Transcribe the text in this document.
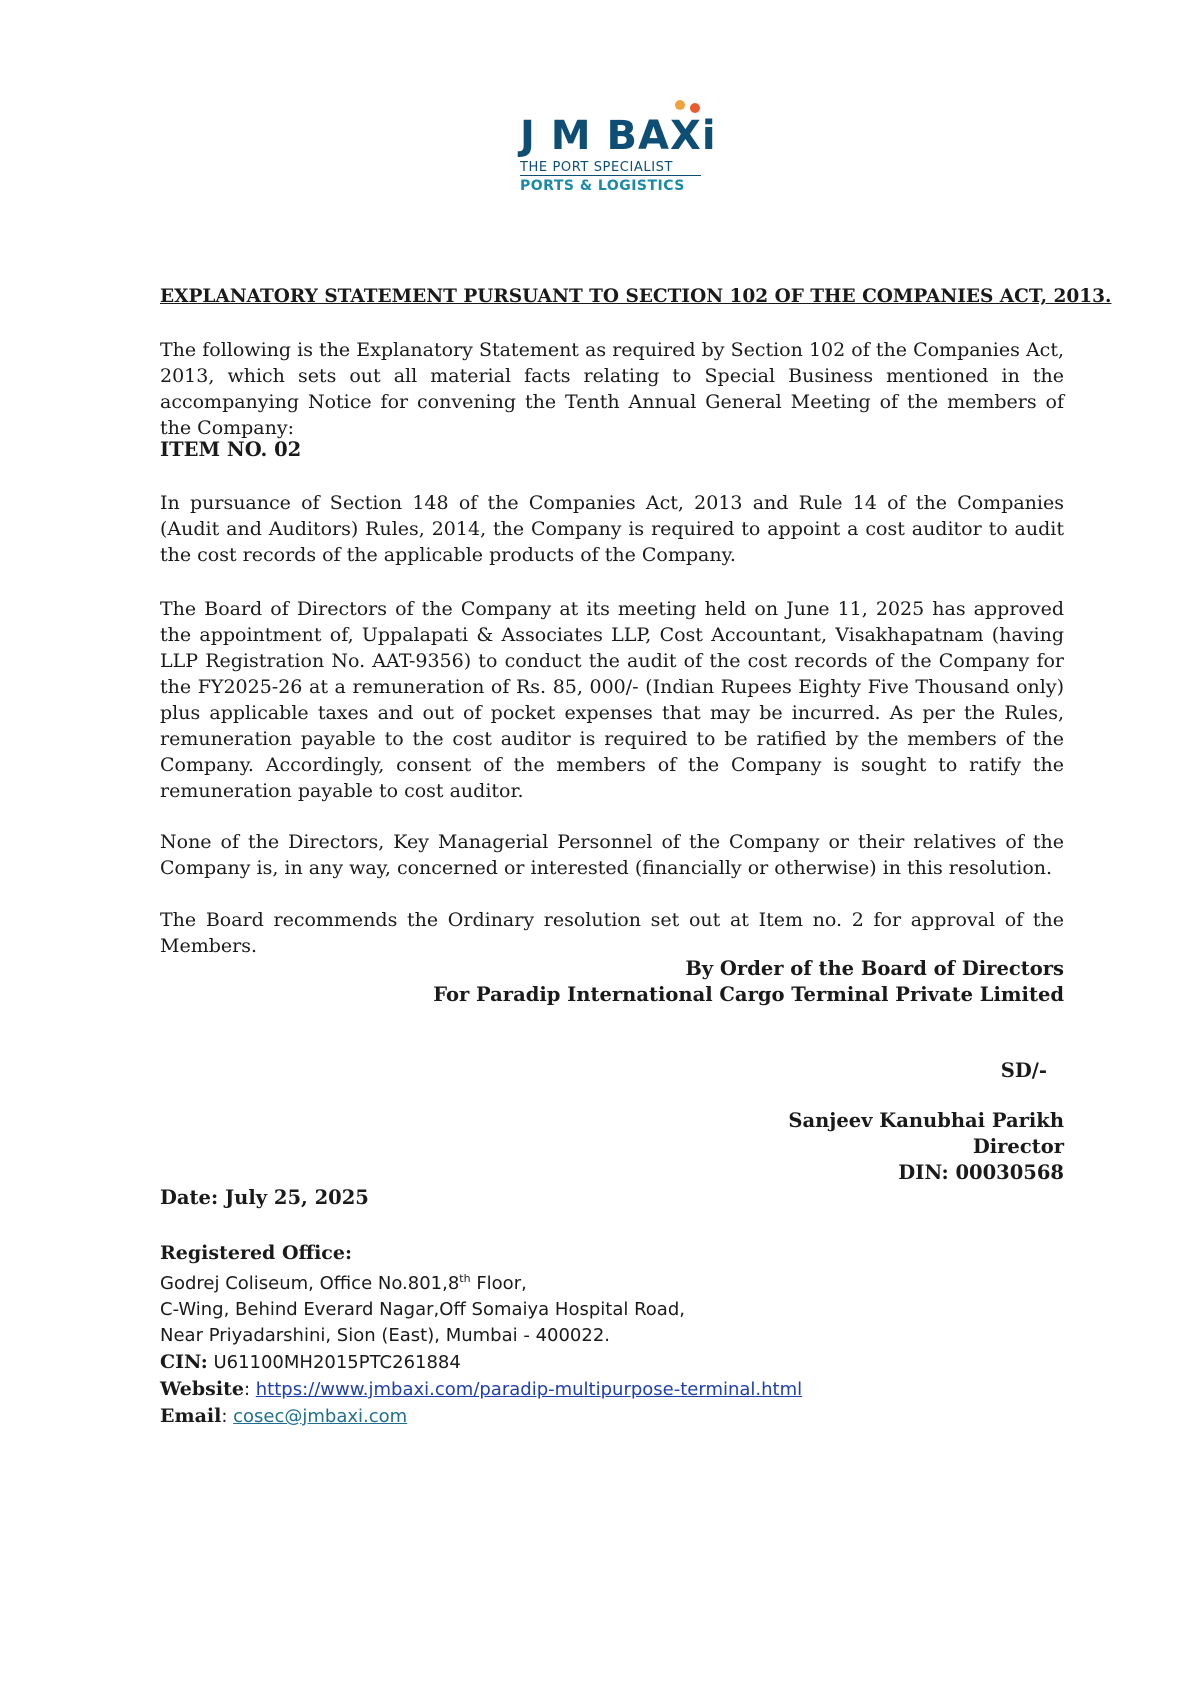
J M BAXi
THE PORT SPECIALIST
PORTS & LOGISTICS
EXPLANATORY STATEMENT PURSUANT TO SECTION 102 OF THE COMPANIES ACT, 2013.

The following is the Explanatory Statement as required by Section 102 of the Companies Act, 2013, which sets out all material facts relating to Special Business mentioned in the accompanying Notice for convening the Tenth Annual General Meeting of the members of the Company:

ITEM NO. 02

In pursuance of Section 148 of the Companies Act, 2013 and Rule 14 of the Companies (Audit and Auditors) Rules, 2014, the Company is required to appoint a cost auditor to audit the cost records of the applicable products of the Company.

The Board of Directors of the Company at its meeting held on June 11, 2025 has approved the appointment of, Uppalapati & Associates LLP, Cost Accountant, Visakhapatnam (having LLP Registration No. AAT-9356) to conduct the audit of the cost records of the Company for the FY2025-26 at a remuneration of Rs. 85, 000/- (Indian Rupees Eighty Five Thousand only) plus applicable taxes and out of pocket expenses that may be incurred. As per the Rules, remuneration payable to the cost auditor is required to be ratified by the members of the Company. Accordingly, consent of the members of the Company is sought to ratify the remuneration payable to cost auditor.

None of the Directors, Key Managerial Personnel of the Company or their relatives of the Company is, in any way, concerned or interested (financially or otherwise) in this resolution.

The Board recommends the Ordinary resolution set out at Item no. 2 for approval of the Members.

By Order of the Board of Directors
For Paradip International Cargo Terminal Private Limited
SD/-
Sanjeev Kanubhai Parikh
Director
DIN: 00030568
Date: July 25, 2025
Registered Office:
Godrej Coliseum, Office No.801,8th Floor,
C-Wing, Behind Everard Nagar,Off Somaiya Hospital Road,
Near Priyadarshini, Sion (East), Mumbai - 400022.
CIN: U61100MH2015PTC261884
Website: https://www.jmbaxi.com/paradip-multipurpose-terminal.html
Email: cosec@jmbaxi.com
